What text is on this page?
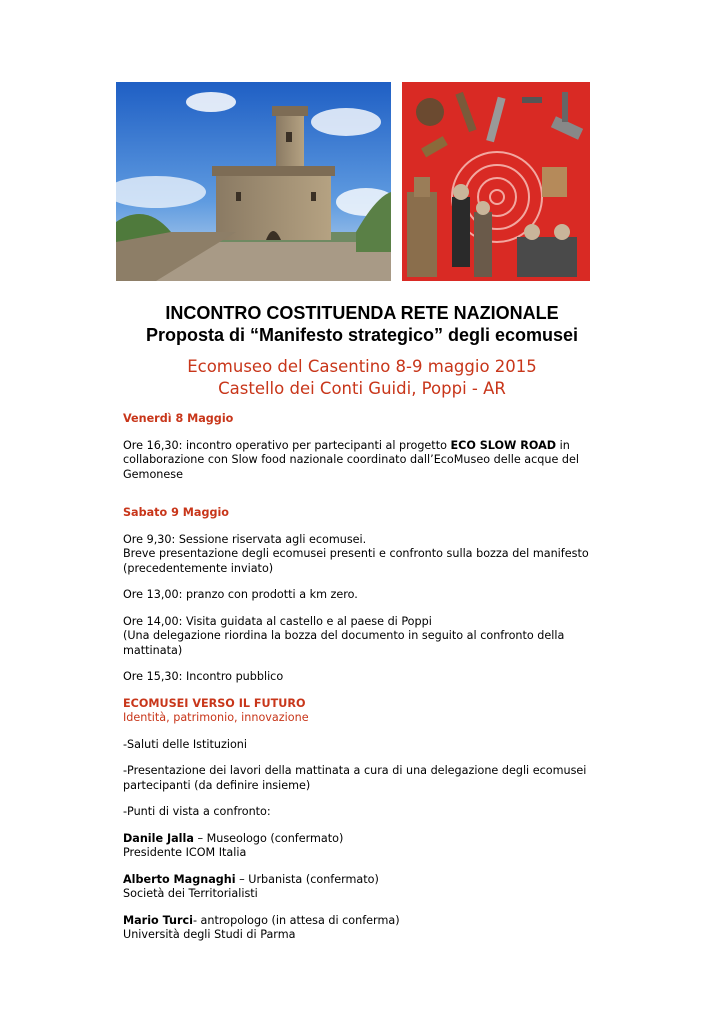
INCONTRO COSTITUENDA RETE NAZIONALE

Proposta di “Manifesto strategico” degli ecomusei

Ecomuseo del Casentino 8-9 maggio 2015

Castello dei Conti Guidi, Poppi - AR

Venerdì 8 Maggio

Ore 16,30: incontro operativo per partecipanti al progetto ECO SLOW ROAD in

collaborazione con Slow food nazionale coordinato dall’EcoMuseo delle acque del

Gemonese

Sabato 9 Maggio

Ore 9,30: Sessione riservata agli ecomusei.

Breve presentazione degli ecomusei presenti e confronto sulla bozza del manifesto

(precedentemente inviato)

Ore 13,00: pranzo con prodotti a km zero.

Ore 14,00: Visita guidata al castello e al paese di Poppi

(Una delegazione riordina la bozza del documento in seguito al confronto della

mattinata)

Ore 15,30: Incontro pubblico

ECOMUSEI VERSO IL FUTURO

Identità, patrimonio, innovazione

-Saluti delle Istituzioni

-Presentazione dei lavori della mattinata a cura di una delegazione degli ecomusei

partecipanti (da definire insieme)

-Punti di vista a confronto:

Danile Jalla – Museologo (confermato)

Presidente ICOM Italia

Alberto Magnaghi – Urbanista (confermato)

Società dei Territorialisti

Mario Turci- antropologo (in attesa di conferma)

Università degli Studi di Parma
